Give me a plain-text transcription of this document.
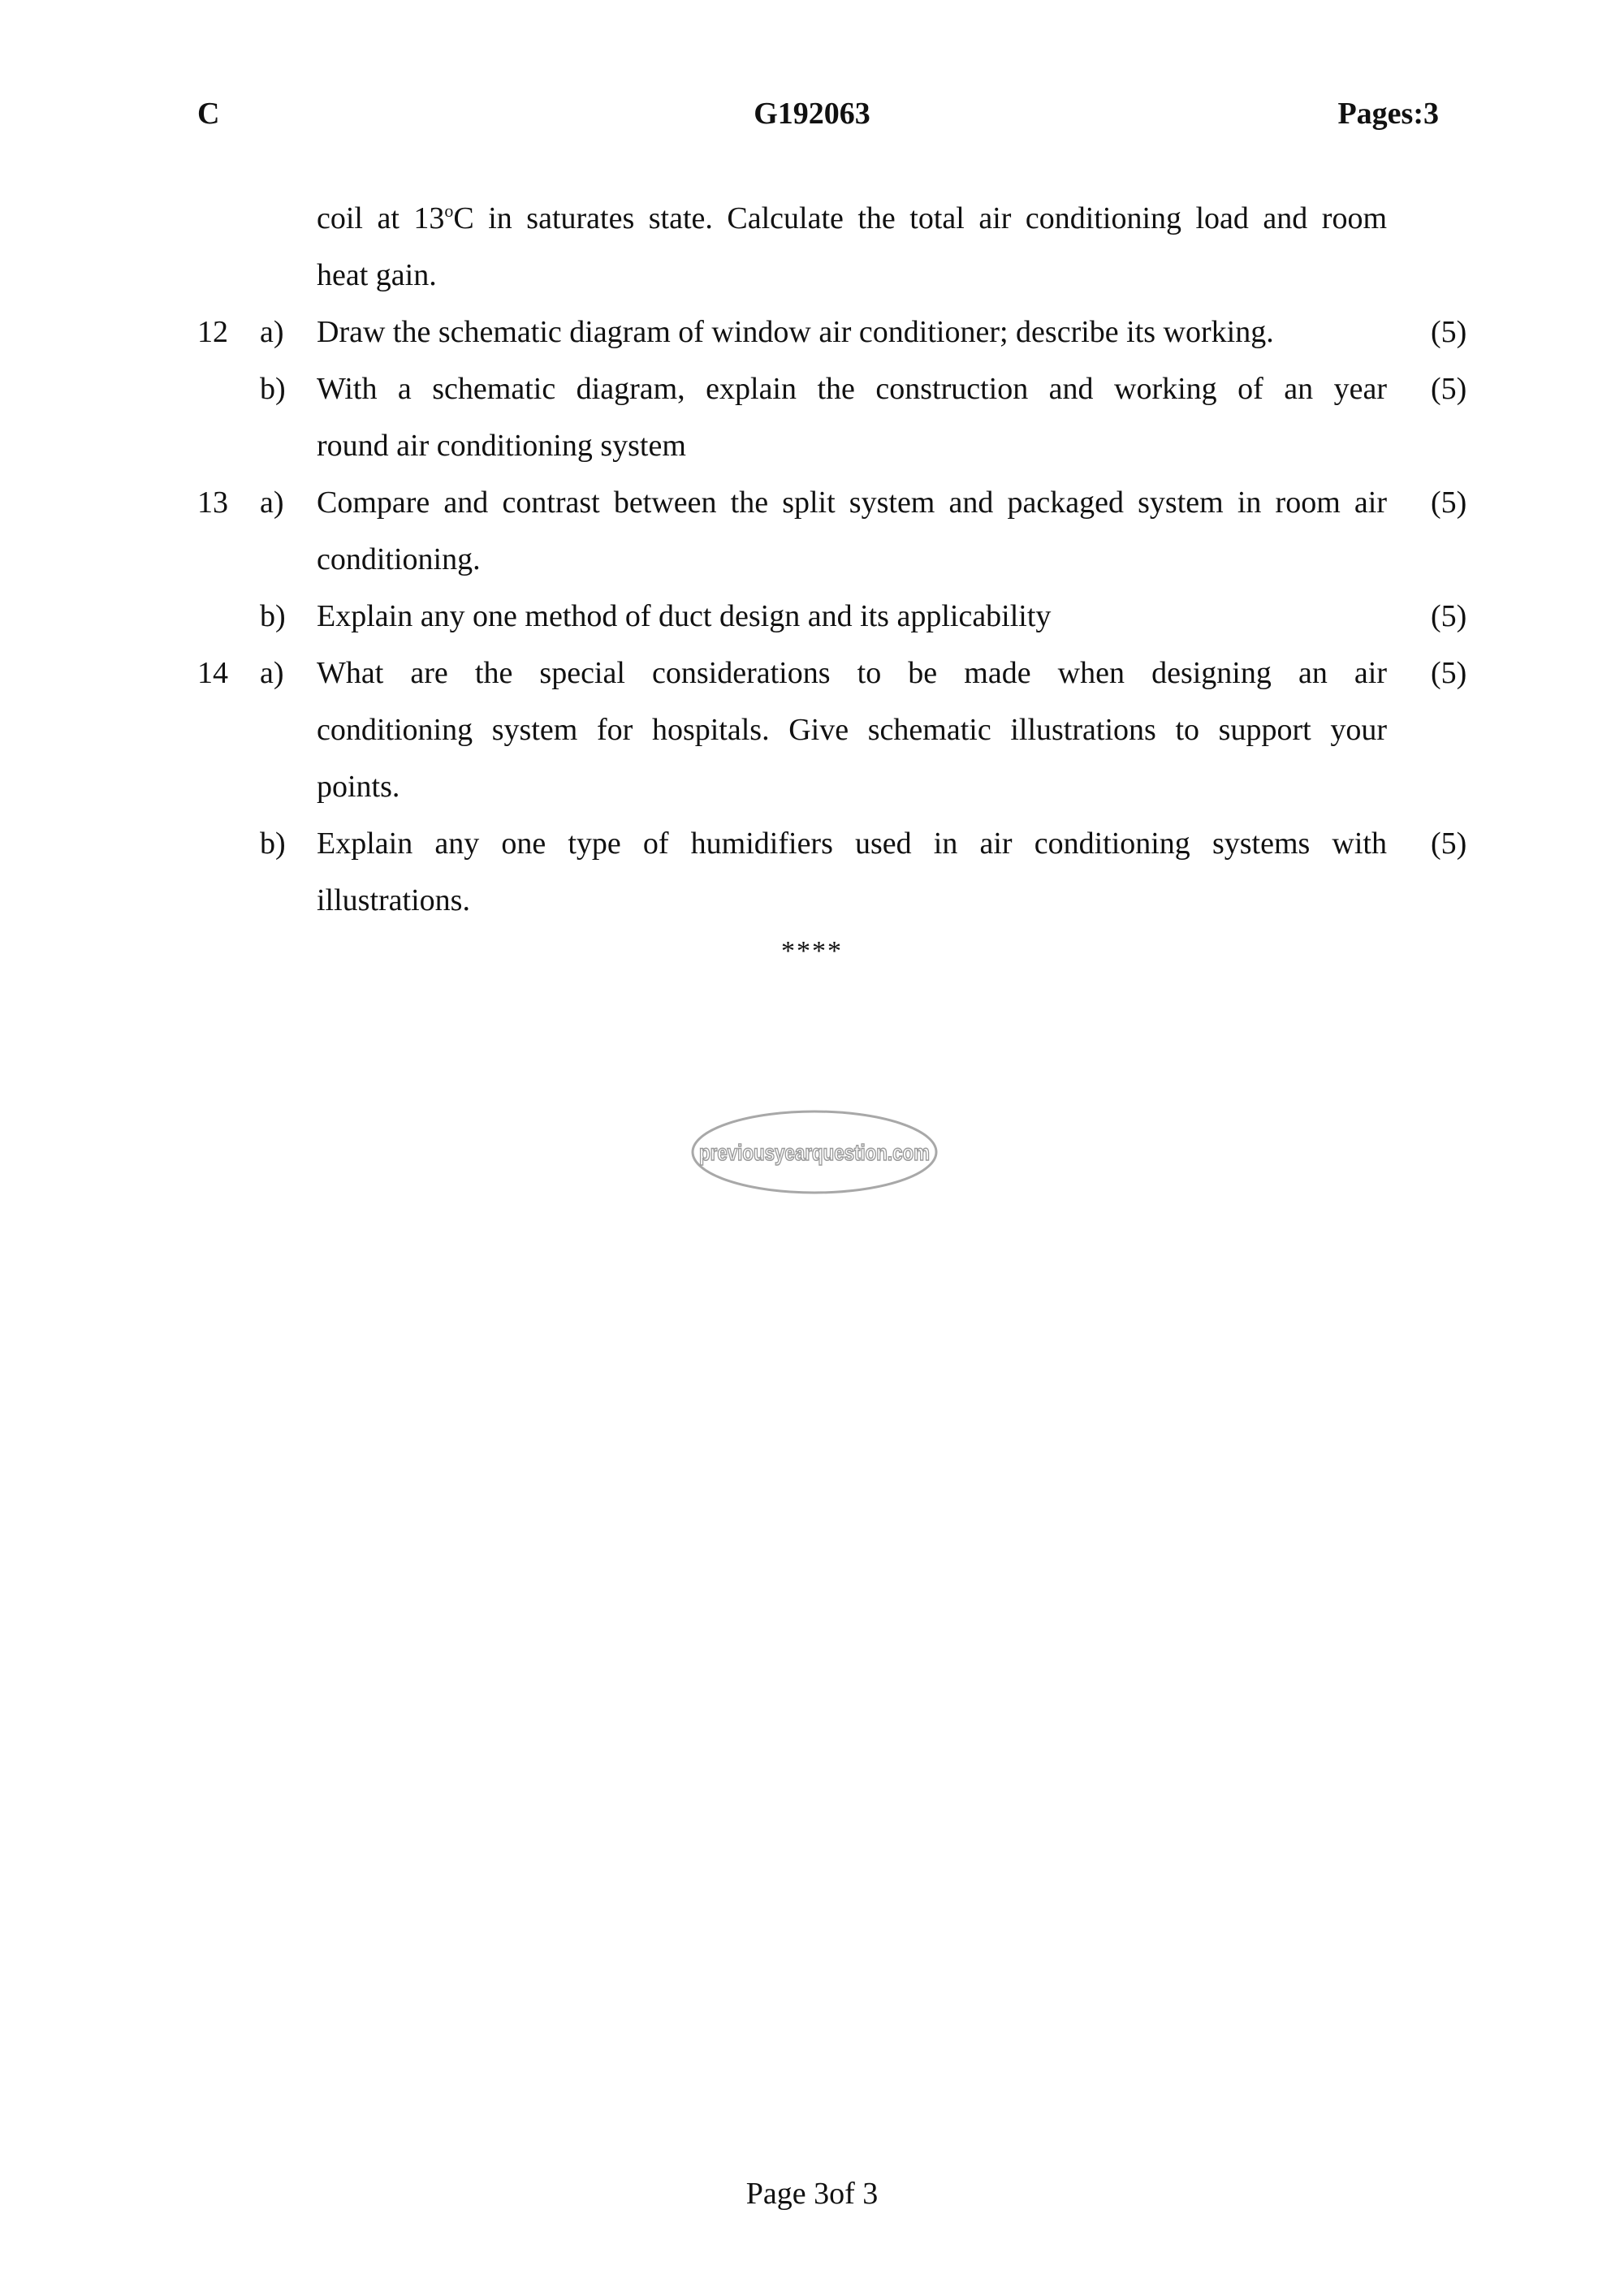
C	G192063	Pages:3
coil at 13$^o$C in saturates state. Calculate the total air conditioning load and room
heat gain.
12 a) Draw the schematic diagram of window air conditioner; describe its working.	(5)
b) With a schematic diagram, explain the construction and working of an year (5)
round air conditioning system
13 a) Compare and contrast between the split system and packaged system in room air (5)
conditioning.
b) Explain any one method of duct design and its applicability	(5)
14 a) What are the special considerations to be made when designing an air (5)
conditioning system for hospitals. Give schematic illustrations to support your
points.
b) Explain any one type of humidifiers used in air conditioning systems with (5)
illustrations.
****
previousyearquestion.com
Page 3of 3
